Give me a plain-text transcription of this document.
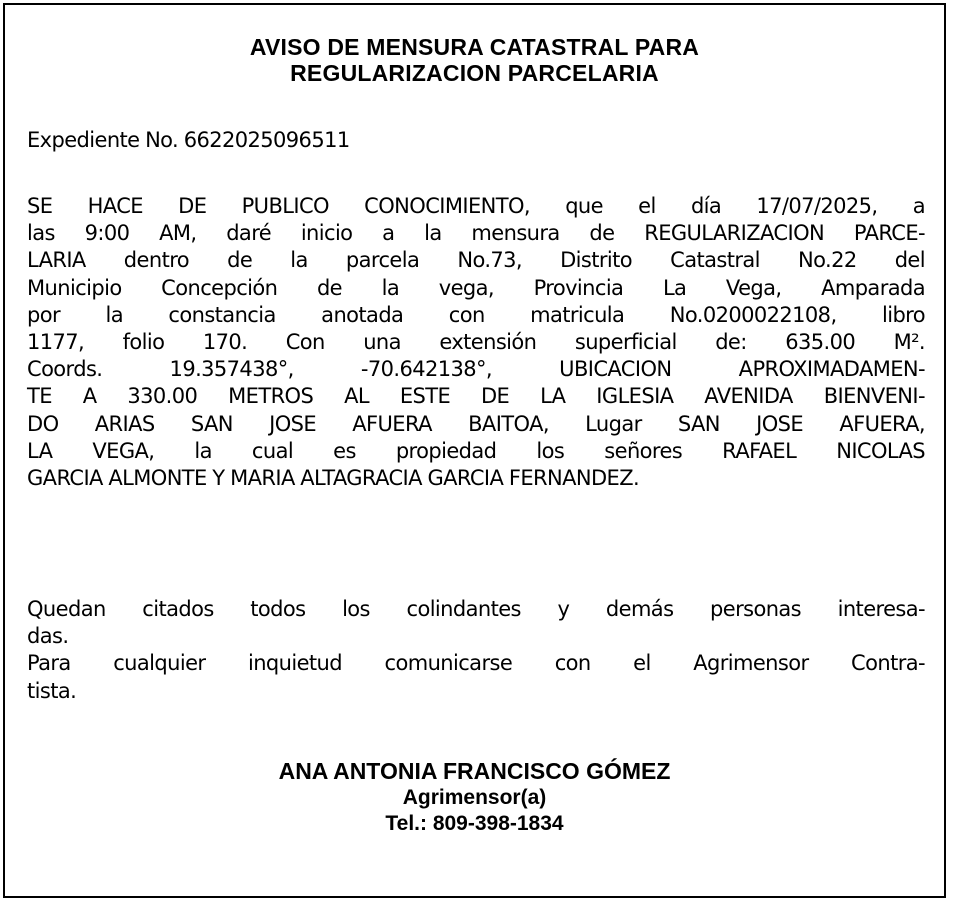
AVISO DE MENSURA CATASTRAL PARA
REGULARIZACION PARCELARIA
Expediente No. 6622025096511
SE HACE DE PUBLICO CONOCIMIENTO, que el día 17/07/2025, a
las 9:00 AM, daré inicio a la mensura de REGULARIZACION PARCE-
LARIA dentro de la parcela No.73, Distrito Catastral No.22 del
Municipio Concepción de la vega, Provincia La Vega, Amparada
por la constancia anotada con matricula No.0200022108, libro
1177, folio 170. Con una extensión superficial de: 635.00 M².
Coords. 19.357438°, -70.642138°, UBICACION APROXIMADAMEN-
TE A 330.00 METROS AL ESTE DE LA IGLESIA AVENIDA BIENVENI-
DO ARIAS SAN JOSE AFUERA BAITOA, Lugar SAN JOSE AFUERA,
LA VEGA, la cual es propiedad los señores RAFAEL NICOLAS
GARCIA ALMONTE Y MARIA ALTAGRACIA GARCIA FERNANDEZ.
Quedan citados todos los colindantes y demás personas interesa-
das.
Para cualquier inquietud comunicarse con el Agrimensor Contra-
tista.
ANA ANTONIA FRANCISCO GÓMEZ
Agrimensor(a)
Tel.: 809-398-1834
